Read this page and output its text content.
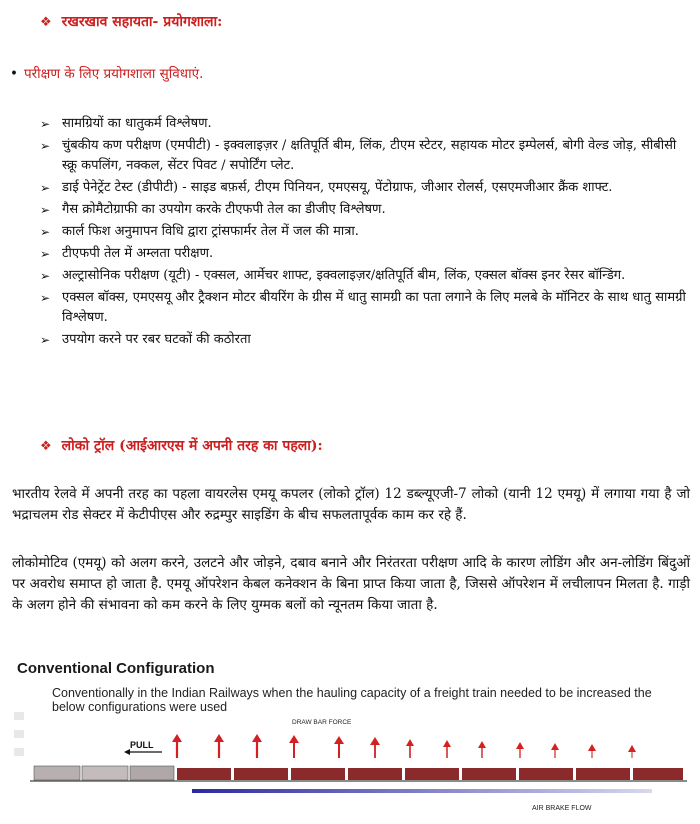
❖ रखरखाव सहायता- प्रयोगशाला:
• परीक्षण के लिए प्रयोगशाला सुविधाएं.
➢ सामग्रियों का धातुकर्म विश्लेषण.
➢ चुंबकीय कण परीक्षण (एमपीटी) - इक्वलाइज़र / क्षतिपूर्ति बीम, लिंक, टीएम स्टेटर, सहायक मोटर इम्पेलर्स, बोगी वेल्ड जोड़, सीबीसी स्क्रू कपलिंग, नक्कल, सेंटर पिवट / सपोर्टिंग प्लेट.
➢ डाई पेनेट्रेंट टेस्ट (डीपीटी) - साइड बफ़र्स, टीएम पिनियन, एमएसयू, पेंटोग्राफ, जीआर रोलर्स, एसएमजीआर क्रैंक शाफ्ट.
➢ गैस क्रोमैटोग्राफी का उपयोग करके टीएफपी तेल का डीजीए विश्लेषण.
➢ कार्ल फिश अनुमापन विधि द्वारा ट्रांसफार्मर तेल में जल की मात्रा.
➢ टीएफपी तेल में अम्लता परीक्षण.
➢ अल्ट्रासोनिक परीक्षण (यूटी) - एक्सल, आर्मेचर शाफ्ट, इक्वलाइज़र/क्षतिपूर्ति बीम, लिंक, एक्सल बॉक्स इनर रेसर बॉन्डिंग.
➢ एक्सल बॉक्स, एमएसयू और ट्रैक्शन मोटर बीयरिंग के ग्रीस में धातु सामग्री का पता लगाने के लिए मलबे के मॉनिटर के साथ धातु सामग्री विश्लेषण.
➢ उपयोग करने पर रबर घटकों की कठोरता
❖ लोको ट्रॉल (आईआरएस में अपनी तरह का पहला):

भारतीय रेलवे में अपनी तरह का पहला वायरलेस एमयू कपलर (लोको ट्रॉल) 12 डब्ल्यूएजी-7 लोको (यानी 12 एमयू) में लगाया गया है जो भद्राचलम रोड सेक्टर में केटीपीएस और रुद्रम्पुर साइडिंग के बीच सफलतापूर्वक काम कर रहे हैं.

लोकोमोटिव (एमयू) को अलग करने, उलटने और जोड़ने, दबाव बनाने और निरंतरता परीक्षण आदि के कारण लोडिंग और अन-लोडिंग बिंदुओं पर अवरोध समाप्त हो जाता है. एमयू ऑपरेशन केबल कनेक्शन के बिना प्राप्त किया जाता है, जिससे ऑपरेशन में लचीलापन मिलता है. गाड़ी के अलग होने की संभावना को कम करने के लिए युग्मक बलों को न्यूनतम किया जाता है.

Conventional Configuration
Conventionally in the Indian Railways when the hauling capacity of a freight train needed to be increased the below configurations were used
DRAW BAR FORCE
PULL
AIR BRAKE FLOW
